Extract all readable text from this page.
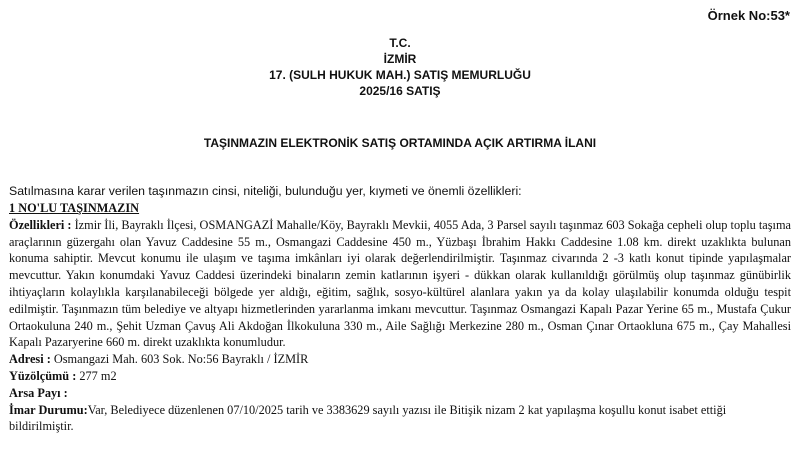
Örnek No:53*
T.C.
İZMİR
17. (SULH HUKUK MAH.) SATIŞ MEMURLUĞU
2025/16 SATIŞ
TAŞINMAZIN ELEKTRONİK SATIŞ ORTAMINDA AÇIK ARTIRMA İLANI
Satılmasına karar verilen taşınmazın cinsi, niteliği, bulunduğu yer, kıymeti ve önemli özellikleri:
1 NO'LU TAŞINMAZIN

Özellikleri : İzmir İli, Bayraklı İlçesi, OSMANGAZİ Mahalle/Köy, Bayraklı Mevkii, 4055 Ada, 3 Parsel sayılı taşınmaz 603 Sokağa cepheli olup toplu taşıma araçlarının güzergahı olan Yavuz Caddesine 55 m., Osmangazi Caddesine 450 m., Yüzbaşı İbrahim Hakkı Caddesine 1.08 km. direkt uzaklıkta bulunan konuma sahiptir. Mevcut konumu ile ulaşım ve taşıma imkânları iyi olarak değerlendirilmiştir. Taşınmaz civarında 2 -3 katlı konut tipinde yapılaşmalar mevcuttur. Yakın konumdaki Yavuz Caddesi üzerindeki binaların zemin katlarının işyeri - dükkan olarak kullanıldığı görülmüş olup taşınmaz günübirlik ihtiyaçların kolaylıkla karşılanabileceği bölgede yer aldığı, eğitim, sağlık, sosyo-kültürel alanlara yakın ya da kolay ulaşılabilir konumda olduğu tespit edilmiştir. Taşınmazın tüm belediye ve altyapı hizmetlerinden yararlanma imkanı mevcuttur. Taşınmaz Osmangazi Kapalı Pazar Yerine 65 m., Mustafa Çukur Ortaokuluna 240 m., Şehit Uzman Çavuş Ali Akdoğan İlkokuluna 330 m., Aile Sağlığı Merkezine 280 m., Osman Çınar Ortaokluna 675 m., Çay Mahallesi Kapalı Pazaryerine 660 m. direkt uzaklıkta konumludur.

Adresi : Osmangazi Mah. 603 Sok. No:56 Bayraklı / İZMİR
Yüzölçümü : 277 m2
Arsa Payı :
İmar Durumu:Var, Belediyece düzenlenen 07/10/2025 tarih ve 3383629 sayılı yazısı ile Bitişik nizam 2 kat yapılaşma koşullu konut isabet ettiği bildirilmiştir.
